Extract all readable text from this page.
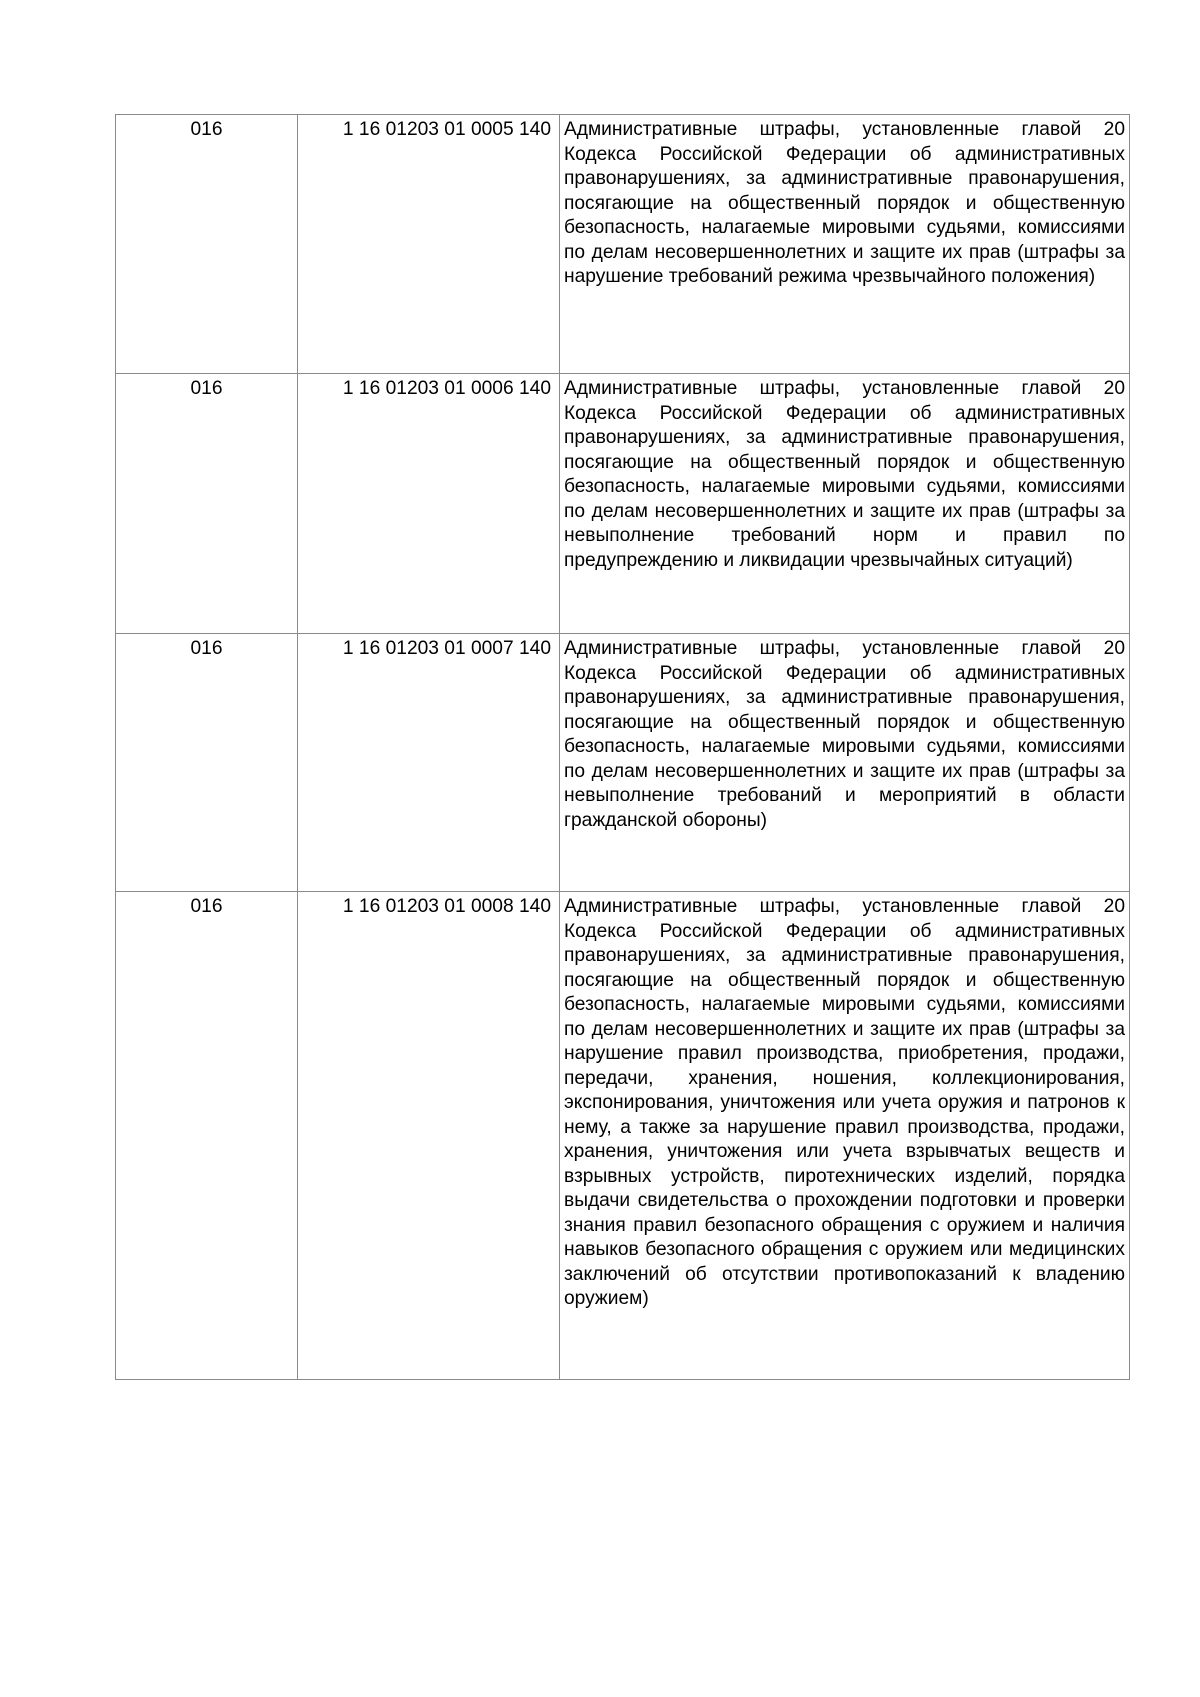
016	1 16 01203 01 0005 140	Административные штрафы, установленные главой 20 Кодекса Российской Федерации об административных правонарушениях, за административные правонарушения, посягающие на общественный порядок и общественную безопасность, налагаемые мировыми судьями, комиссиями по делам несовершеннолетних и защите их прав (штрафы за нарушение требований режима чрезвычайного положения)
016	1 16 01203 01 0006 140	Административные штрафы, установленные главой 20 Кодекса Российской Федерации об административных правонарушениях, за административные правонарушения, посягающие на общественный порядок и общественную безопасность, налагаемые мировыми судьями, комиссиями по делам несовершеннолетних и защите их прав (штрафы за невыполнение требований норм и правил по предупреждению и ликвидации чрезвычайных ситуаций)
016	1 16 01203 01 0007 140	Административные штрафы, установленные главой 20 Кодекса Российской Федерации об административных правонарушениях, за административные правонарушения, посягающие на общественный порядок и общественную безопасность, налагаемые мировыми судьями, комиссиями по делам несовершеннолетних и защите их прав (штрафы за невыполнение требований и мероприятий в области гражданской обороны)
016	1 16 01203 01 0008 140	Административные штрафы, установленные главой 20 Кодекса Российской Федерации об административных правонарушениях, за административные правонарушения, посягающие на общественный порядок и общественную безопасность, налагаемые мировыми судьями, комиссиями по делам несовершеннолетних и защите их прав (штрафы за нарушение правил производства, приобретения, продажи, передачи, хранения, ношения, коллекционирования, экспонирования, уничтожения или учета оружия и патронов к нему, а также за нарушение правил производства, продажи, хранения, уничтожения или учета взрывчатых веществ и взрывных устройств, пиротехнических изделий, порядка выдачи свидетельства о прохождении подготовки и проверки знания правил безопасного обращения с оружием и наличия навыков безопасного обращения с оружием или медицинских заключений об отсутствии противопоказаний к владению оружием)
